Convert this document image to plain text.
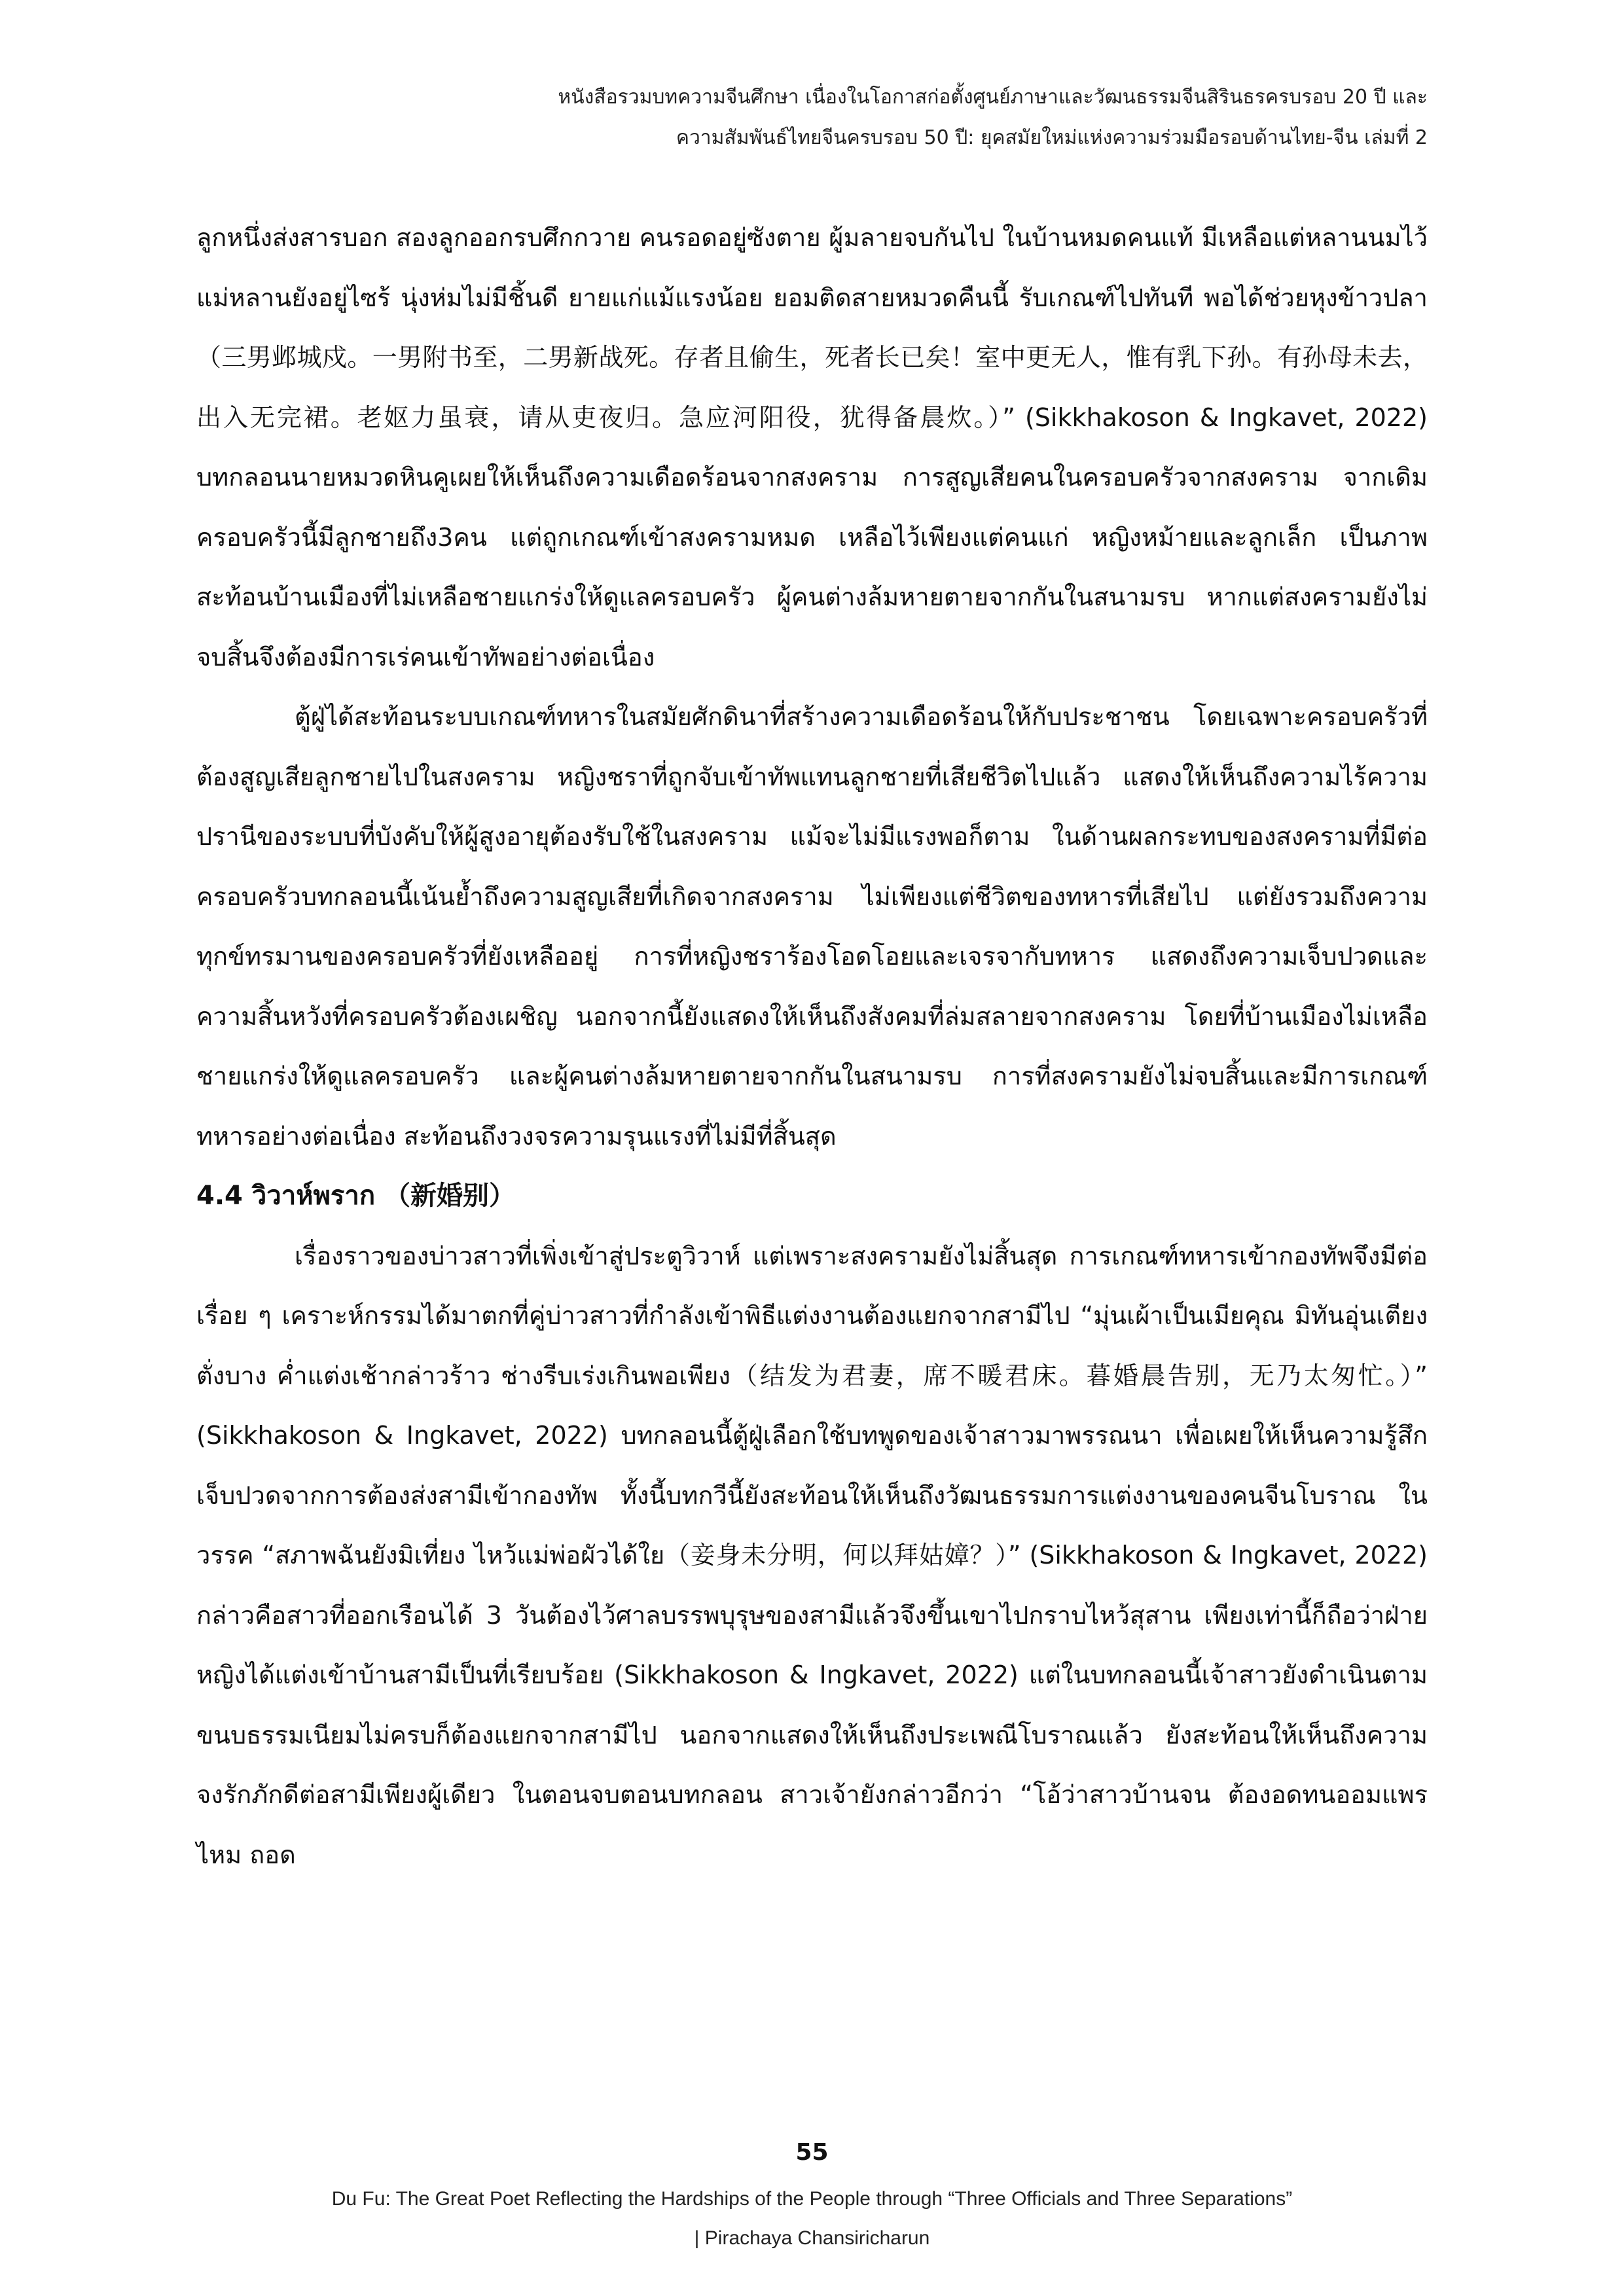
หนังสือรวมบทความจีนศึกษา เนื่องในโอกาสก่อตั้งศูนย์ภาษาและวัฒนธรรมจีนสิรินธรครบรอบ 20 ปี และ
ความสัมพันธ์ไทยจีนครบรอบ 50 ปี: ยุคสมัยใหม่แห่งความร่วมมือรอบด้านไทย-จีน เล่มที่ 2

ลูกหนึ่งส่งสารบอก สองลูกออกรบศึกกวาย คนรอดอยู่ซังตาย ผู้มลายจบกันไป ในบ้านหมดคนแท้ มีเหลือแต่หลานนมไว้ แม่หลานยังอยู่ไซร้ นุ่งห่มไม่มีชิ้นดี ยายแก่แม้แรงน้อย ยอมติดสายหมวดคืนนี้ รับเกณฑ์ไปทันที พอได้ช่วยหุงข้าวปลา（三男邺城戍。一男附书至，二男新战死。存者且偷生，死者长已矣！室中更无人，惟有乳下孙。有孙母未去，出入无完裙。老妪力虽衰，请从吏夜归。急应河阳役，犹得备晨炊。）” (Sikkhakoson & Ingkavet, 2022) บทกลอนนายหมวดหินคูเผยให้เห็นถึงความเดือดร้อนจากสงคราม การสูญเสียคนในครอบครัวจากสงคราม จากเดิมครอบครัวนี้มีลูกชายถึง3คน แต่ถูกเกณฑ์เข้าสงครามหมด เหลือไว้เพียงแต่คนแก่ หญิงหม้ายและลูกเล็ก เป็นภาพสะท้อนบ้านเมืองที่ไม่เหลือชายแกร่งให้ดูแลครอบครัว ผู้คนต่างล้มหายตายจากกันในสนามรบ หากแต่สงครามยังไม่จบสิ้นจึงต้องมีการเร่คนเข้าทัพอย่างต่อเนื่อง

ตู้ฝู่ได้สะท้อนระบบเกณฑ์ทหารในสมัยศักดินาที่สร้างความเดือดร้อนให้กับประชาชน โดยเฉพาะครอบครัวที่ต้องสูญเสียลูกชายไปในสงคราม หญิงชราที่ถูกจับเข้าทัพแทนลูกชายที่เสียชีวิตไปแล้ว แสดงให้เห็นถึงความไร้ความปรานีของระบบที่บังคับให้ผู้สูงอายุต้องรับใช้ในสงคราม แม้จะไม่มีแรงพอก็ตาม ในด้านผลกระทบของสงครามที่มีต่อครอบครัวบทกลอนนี้เน้นย้ำถึงความสูญเสียที่เกิดจากสงคราม ไม่เพียงแต่ชีวิตของทหารที่เสียไป แต่ยังรวมถึงความทุกข์ทรมานของครอบครัวที่ยังเหลืออยู่ การที่หญิงชราร้องโอดโอยและเจรจากับทหาร แสดงถึงความเจ็บปวดและความสิ้นหวังที่ครอบครัวต้องเผชิญ นอกจากนี้ยังแสดงให้เห็นถึงสังคมที่ล่มสลายจากสงคราม โดยที่บ้านเมืองไม่เหลือชายแกร่งให้ดูแลครอบครัว และผู้คนต่างล้มหายตายจากกันในสนามรบ การที่สงครามยังไม่จบสิ้นและมีการเกณฑ์ทหารอย่างต่อเนื่อง สะท้อนถึงวงจรความรุนแรงที่ไม่มีที่สิ้นสุด

4.4 วิวาห์พราก （新婚别）

เรื่องราวของบ่าวสาวที่เพิ่งเข้าสู่ประตูวิวาห์ แต่เพราะสงครามยังไม่สิ้นสุด การเกณฑ์ทหารเข้ากองทัพจึงมีต่อเรื่อย ๆ เคราะห์กรรมได้มาตกที่คู่บ่าวสาวที่กำลังเข้าพิธีแต่งงานต้องแยกจากสามีไป “มุ่นเผ้าเป็นเมียคุณ มิทันอุ่นเตียงตั่งบาง ค่ำแต่งเช้ากล่าวร้าว ช่างรีบเร่งเกินพอเพียง（结发为君妻，席不暖君床。暮婚晨告别，无乃太匆忙。）” (Sikkhakoson & Ingkavet, 2022) บทกลอนนี้ตู้ฝู่เลือกใช้บทพูดของเจ้าสาวมาพรรณนา เพื่อเผยให้เห็นความรู้สึกเจ็บปวดจากการต้องส่งสามีเข้ากองทัพ ทั้งนี้บทกวีนี้ยังสะท้อนให้เห็นถึงวัฒนธรรมการแต่งงานของคนจีนโบราณ ในวรรค “สภาพฉันยังมิเที่ยง ไหว้แม่พ่อผัวได้ใย（妾身未分明，何以拜姑嫜？）” (Sikkhakoson & Ingkavet, 2022) กล่าวคือสาวที่ออกเรือนได้ 3 วันต้องไว้ศาลบรรพบุรุษของสามีแล้วจึงขึ้นเขาไปกราบไหว้สุสาน เพียงเท่านี้ก็ถือว่าฝ่ายหญิงได้แต่งเข้าบ้านสามีเป็นที่เรียบร้อย (Sikkhakoson & Ingkavet, 2022) แต่ในบทกลอนนี้เจ้าสาวยังดำเนินตามขนบธรรมเนียมไม่ครบก็ต้องแยกจากสามีไป นอกจากแสดงให้เห็นถึงประเพณีโบราณแล้ว ยังสะท้อนให้เห็นถึงความจงรักภักดีต่อสามีเพียงผู้เดียว ในตอนจบตอนบทกลอน สาวเจ้ายังกล่าวอีกว่า “โอ้ว่าสาวบ้านจน ต้องอดทนออมแพรไหม ถอด

55
Du Fu: The Great Poet Reflecting the Hardships of the People through “Three Officials and Three Separations”
| Pirachaya Chansiricharun
